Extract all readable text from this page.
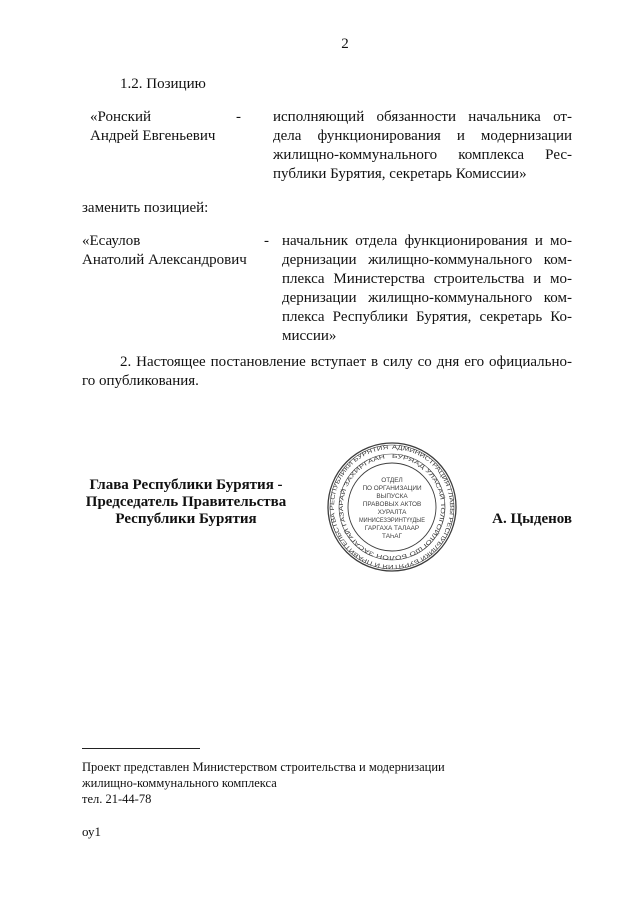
2
1.2. Позицию
«Ронский
Андрей Евгеньевич
- исполняющий обязанности начальника от-
дела функционирования и модернизации
жилищно-коммунального комплекса Рес-
публики Бурятия, секретарь Комиссии»
заменить позицией:
«Есаулов
Анатолий Александрович
- начальник отдела функционирования и мо-
дернизации жилищно-коммунального ком-
плекса Министерства строительства и мо-
дернизации жилищно-коммунального ком-
плекса Республики Бурятия, секретарь Ко-
миссии»
2. Настоящее постановление вступает в силу со дня его официально-
го опубликования.
Глава Республики Бурятия -
Председатель Правительства
Республики Бурятия	А. Цыденов
АДМИНИСТРАЦИЯ ГЛАВЫ РЕСПУБЛИКИ БУРЯТИЯ И ПРАВИТЕЛЬСТВА РЕСПУБЛИКИ БУРЯТИЯ
БУРЯАД УЛАСАЙ ТОЛГОЙЛОГШО БОЛОН ЗАСАГАЙ ГАЗАРАЙ ЗАХИРГААН
ОТДЕЛ
ПО ОРГАНИЗАЦИИ
ВЫПУСКА
ПРАВОВЫХ АКТОВ
ХУРАЛТА
МИНИСЕЗЭРИНТҮҮДЫЕ
ГАРГАХА ТАЛААР
ТАҺАГ
Проект представлен Министерством строительства и модернизации
жилищно-коммунального комплекса
тел. 21-44-78
оу1
